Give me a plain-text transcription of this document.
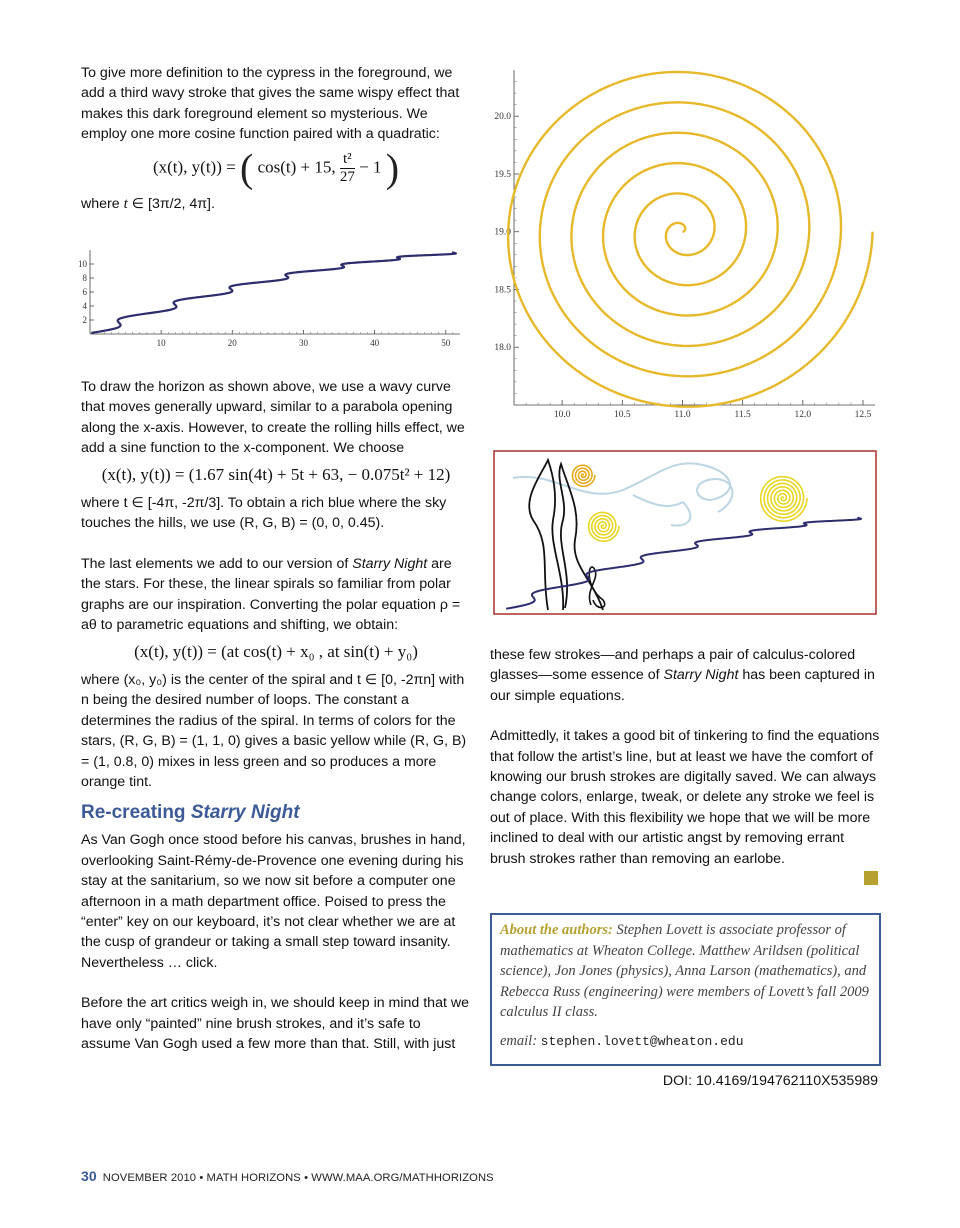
To give more definition to the cypress in the foreground, we add a third wavy stroke that gives the same wispy effect that makes this dark foreground element so mysterious. We employ one more cosine function paired with a quadratic:

(x(t), y(t)) = ( cos(t) + 15, $\frac{\text{t²}}{27} - 1$ )

where t ∈ [3π/2, 4π].

10	20	30	40	50
2
4
6
8
10

To draw the horizon as shown above, we use a wavy curve that moves generally upward, similar to a parabola opening along the x-axis. However, to create the rolling hills effect, we add a sine function to the x-component. We choose

(x(t), y(t)) = (1.67 sin(4t) + 5t + 63, − 0.075t² + 12)

where t ∈ [-4π, -2π/3]. To obtain a rich blue where the sky touches the hills, we use (R, G, B) = (0, 0, 0.45).

The last elements we add to our version of Starry Night are the stars. For these, the linear spirals so familiar from polar graphs are our inspiration. Converting the polar equation ρ = aθ to parametric equations and shifting, we obtain:

(x(t), y(t)) = (at cos(t) + x₀ , at sin(t) + y₀)

where (x₀, y₀) is the center of the spiral and t ∈ [0, -2πn] with n being the desired number of loops. The constant a determines the radius of the spiral. In terms of colors for the stars, (R, G, B) = (1, 1, 0) gives a basic yellow while (R, G, B) = (1, 0.8, 0) mixes in less green and so produces a more orange tint.

Re-creating Starry Night

As Van Gogh once stood before his canvas, brushes in hand, overlooking Saint-Rémy-de-Provence one evening during his stay at the sanitarium, so we now sit before a computer one afternoon in a math department office. Poised to press the “enter” key on our keyboard, it’s not clear whether we are at the cusp of grandeur or taking a small step toward insanity. Nevertheless … click.

Before the art critics weigh in, we should keep in mind that we have only “painted” nine brush strokes, and it’s safe to assume Van Gogh used a few more than that. Still, with just

10.0	10.5	11.0	11.5	12.0	12.5
18.0
18.5
19.0
19.5
20.0

these few strokes—and perhaps a pair of calculus-colored glasses—some essence of Starry Night has been captured in our simple equations.

Admittedly, it takes a good bit of tinkering to find the equations that follow the artist’s line, but at least we have the comfort of knowing our brush strokes are digitally saved. We can always change colors, enlarge, tweak, or delete any stroke we feel is out of place. With this flexibility we hope that we will be more inclined to deal with our artistic angst by removing errant brush strokes rather than removing an earlobe.

About the authors: Stephen Lovett is associate professor of mathematics at Wheaton College. Matthew Arildsen (political science), Jon Jones (physics), Anna Larson (mathematics), and Rebecca Russ (engineering) were members of Lovett’s fall 2009 calculus II class.

email: stephen.lovett@wheaton.edu

DOI: 10.4169/194762110X535989
30 NOVEMBER 2010 • MATH HORIZONS • WWW.MAA.ORG/MATHHORIZONS
